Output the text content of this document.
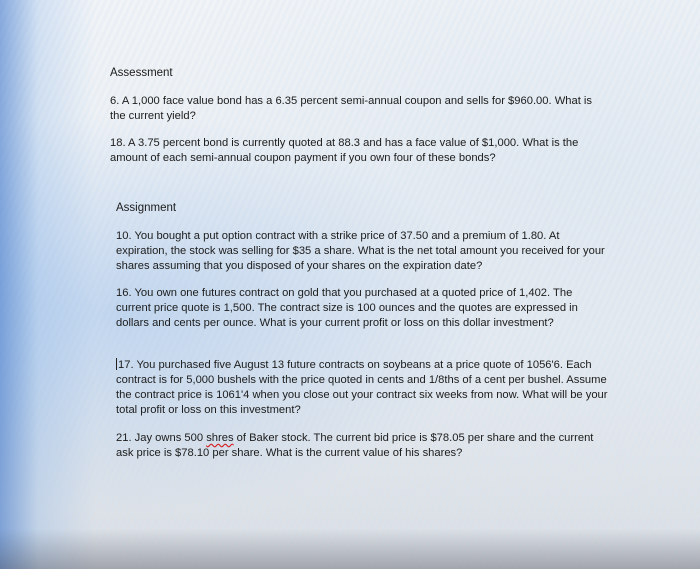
Assessment

6. A 1,000 face value bond has a 6.35 percent semi-annual coupon and sells for $960.00. What is the current yield?

18. A 3.75 percent bond is currently quoted at 88.3 and has a face value of $1,000. What is the amount of each semi-annual coupon payment if you own four of these bonds?

Assignment

10. You bought a put option contract with a strike price of 37.50 and a premium of 1.80. At expiration, the stock was selling for $35 a share. What is the net total amount you received for your shares assuming that you disposed of your shares on the expiration date?

16. You own one futures contract on gold that you purchased at a quoted price of 1,402. The current price quote is 1,500. The contract size is 100 ounces and the quotes are expressed in dollars and cents per ounce. What is your current profit or loss on this dollar investment?

17. You purchased five August 13 future contracts on soybeans at a price quote of 1056'6. Each contract is for 5,000 bushels with the price quoted in cents and 1/8ths of a cent per bushel. Assume the contract price is 1061'4 when you close out your contract six weeks from now. What will be your total profit or loss on this investment?

21. Jay owns 500 shres of Baker stock. The current bid price is $78.05 per share and the current ask price is $78.10 per share. What is the current value of his shares?
